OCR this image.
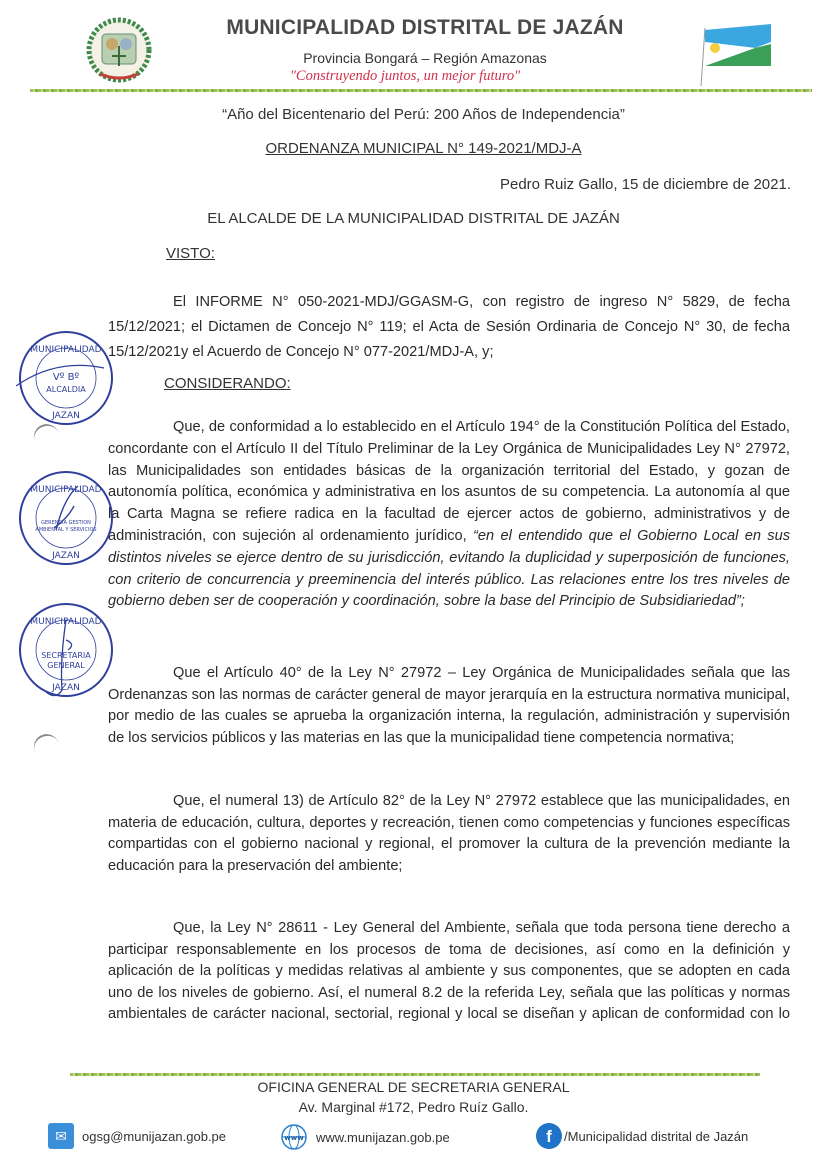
MUNICIPALIDAD DISTRITAL DE JAZÁN
Provincia Bongará – Región Amazonas
"Construyendo juntos, un mejor futuro"
“Año del Bicentenario del Perú: 200 Años de Independencia”
ORDENANZA MUNICIPAL N° 149-2021/MDJ-A
Pedro Ruiz Gallo, 15 de diciembre de 2021.
EL ALCALDE DE LA MUNICIPALIDAD DISTRITAL DE JAZÁN
VISTO:
El INFORME N° 050-2021-MDJ/GGASM-G, con registro de ingreso N° 5829, de fecha 15/12/2021; el Dictamen de Concejo N° 119; el Acta de Sesión Ordinaria de Concejo N° 30, de fecha 15/12/2021y el Acuerdo de Concejo N° 077-2021/MDJ-A, y;
CONSIDERANDO:
Que, de conformidad a lo establecido en el Artículo 194° de la Constitución Política del Estado, concordante con el Artículo II del Título Preliminar de la Ley Orgánica de Municipalidades Ley N° 27972, las Municipalidades son entidades básicas de la organización territorial del Estado, y gozan de autonomía política, económica y administrativa en los asuntos de su competencia. La autonomía al que la Carta Magna se refiere radica en la facultad de ejercer actos de gobierno, administrativos y de administración, con sujeción al ordenamiento jurídico, “en el entendido que el Gobierno Local en sus distintos niveles se ejerce dentro de su jurisdicción, evitando la duplicidad y superposición de funciones, con criterio de concurrencia y preeminencia del interés público. Las relaciones entre los tres niveles de gobierno deben ser de cooperación y coordinación, sobre la base del Principio de Subsidiariedad”;
Que el Artículo 40° de la Ley N° 27972 – Ley Orgánica de Municipalidades señala que las Ordenanzas son las normas de carácter general de mayor jerarquía en la estructura normativa municipal, por medio de las cuales se aprueba la organización interna, la regulación, administración y supervisión de los servicios públicos y las materias en las que la municipalidad tiene competencia normativa;
Que, el numeral 13) de Artículo 82° de la Ley N° 27972 establece que las municipalidades, en materia de educación, cultura, deportes y recreación, tienen como competencias y funciones específicas compartidas con el gobierno nacional y regional, el promover la cultura de la prevención mediante la educación para la preservación del ambiente;
Que, la Ley N° 28611 - Ley General del Ambiente, señala que toda persona tiene derecho a participar responsablemente en los procesos de toma de decisiones, así como en la definición y aplicación de la políticas y medidas relativas al ambiente y sus componentes, que se adopten en cada uno de los niveles de gobierno. Así, el numeral 8.2 de la referida Ley, señala que las políticas y normas ambientales de carácter nacional, sectorial, regional y local se diseñan y aplican de conformidad con lo
Vº Bº
ALCALDIA
MUNICIPALIDAD
JAZAN
MUNICIPALIDAD
GERENCIA GESTION
AMBIENTAL Y SERVICIOS
JAZAN
MUNICIPALIDAD
SECRETARIA
GENERAL
JAZAN
OFICINA GENERAL DE SECRETARIA GENERAL
Av. Marginal #172, Pedro Ruíz Gallo.
✉	ogsg@munijazan.gob.pe	www www.munijazan.gob.pe	f /Municipalidad distrital de Jazán
